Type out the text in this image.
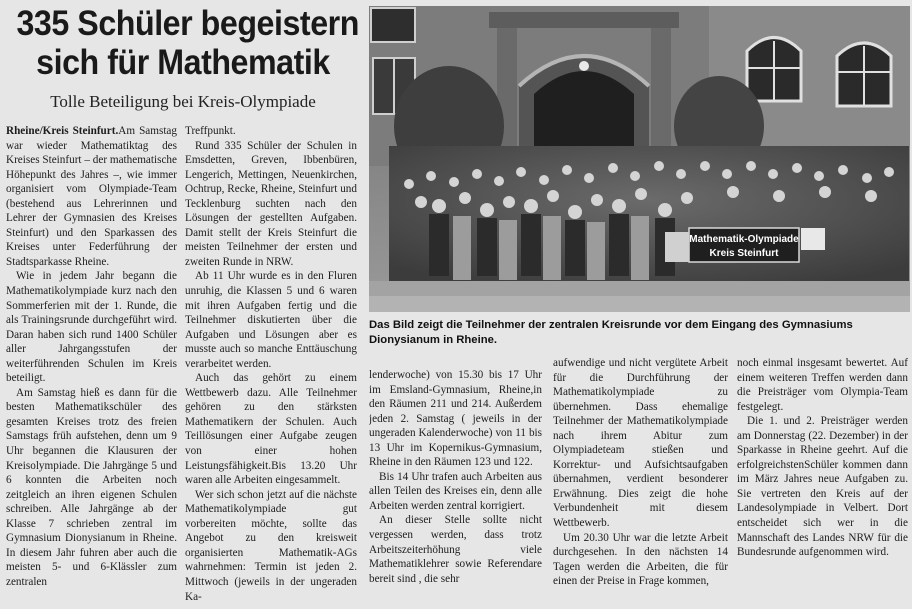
335 Schüler begeistern
sich für Mathematik
Tolle Beteiligung bei Kreis-Olympiade

Rheine/Kreis Steinfurt.Am Samstag war wieder Mathematiktag des Kreises Steinfurt – der mathematische Höhepunkt des Jahres –, wie immer organisiert vom Olympiade-Team (bestehend aus Lehrerinnen und Lehrer der Gymnasien des Kreises Steinfurt) und den Sparkassen des Kreises unter Federführung der Stadtsparkasse Rheine.

Wie in jedem Jahr begann die Mathematikolympiade kurz nach den Sommerferien mit der 1. Runde, die als Trainingsrunde durchgeführt wird. Daran haben sich rund 1400 Schüler aller Jahrgangsstufen der weiterführenden Schulen im Kreis beteiligt.

Am Samstag hieß es dann für die besten Mathematikschüler des gesamten Kreises trotz des freien Samstags früh aufstehen, denn um 9 Uhr begannen die Klausuren der Kreisolympiade. Die Jahrgänge 5 und 6 konnten die Arbeiten noch zeitgleich an ihren eigenen Schulen schreiben. Alle Jahrgänge ab der Klasse 7 schrieben zentral im Gymnasium Dionysianum in Rheine. In diesem Jahr fuhren aber auch die meisten 5- und 6-Klässler zum zentralen

Treffpunkt.

Rund 335 Schüler der Schulen in Emsdetten, Greven, Ibbenbüren, Lengerich, Mettingen, Neuenkirchen, Ochtrup, Recke, Rheine, Steinfurt und Tecklenburg suchten nach den Lösungen der gestellten Aufgaben. Damit stellt der Kreis Steinfurt die meisten Teilnehmer der ersten und zweiten Runde in NRW.

Ab 11 Uhr wurde es in den Fluren unruhig, die Klassen 5 und 6 waren mit ihren Aufgaben fertig und die Teilnehmer diskutierten über die Aufgaben und Lösungen aber es musste auch so manche Enttäuschung verarbeitet werden.

Auch das gehört zu einem Wettbewerb dazu. Alle Teilnehmer gehören zu den stärksten Mathematikern der Schulen. Auch Teillösungen einer Aufgabe zeugen von einer hohen Leistungsfähigkeit.Bis 13.20 Uhr waren alle Arbeiten eingesammelt.

Wer sich schon jetzt auf die nächste Mathematikolympiade gut vorbereiten möchte, sollte das Angebot zu den kreisweit organisierten Mathematik-AGs wahrnehmen: Termin ist jeden 2. Mittwoch (jeweils in der ungeraden Ka-

Mathematik-Olympiade
Kreis Steinfurt
Das Bild zeigt die Teilnehmer der zentralen Kreisrunde vor dem Eingang des Gymnasiums Dionysianum in Rheine.

lenderwoche) von 15.30 bis 17 Uhr im Emsland-Gymnasium, Rheine,in den Räumen 211 und 214. Außerdem jeden 2. Samstag ( jeweils in der ungeraden Kalenderwoche) von 11 bis 13 Uhr im Kopernikus-Gymnasium, Rheine in den Räumen 123 und 122.

Bis 14 Uhr trafen auch Arbeiten aus allen Teilen des Kreises ein, denn alle Arbeiten werden zentral korrigiert.

An dieser Stelle sollte nicht vergessen werden, dass trotz Arbeitszeiterhöhung viele Mathematiklehrer sowie Referendare bereit sind , die sehr

aufwendige und nicht vergütete Arbeit für die Durchführung der Mathematikolympiade zu übernehmen. Dass ehemalige Teilnehmer der Mathematikolympiade nach ihrem Abitur zum Olympiadeteam stießen und Korrektur- und Aufsichtsaufgaben übernahmen, verdient besonderer Erwähnung. Dies zeigt die hohe Verbundenheit mit diesem Wettbewerb.

Um 20.30 Uhr war die letzte Arbeit durchgesehen. In den nächsten 14 Tagen werden die Arbeiten, die für einen der Preise in Frage kommen,

noch einmal insgesamt bewertet. Auf einem weiteren Treffen werden dann die Preisträger vom Olympia-Team festgelegt.

Die 1. und 2. Preisträger werden am Donnerstag (22. Dezember) in der Sparkasse in Rheine geehrt. Auf die erfolgreichstenSchüler kommen dann im März Jahres neue Aufgaben zu. Sie vertreten den Kreis auf der Landesolympiade in Velbert. Dort entscheidet sich wer in die Mannschaft des Landes NRW für die Bundesrunde aufgenommen wird.
